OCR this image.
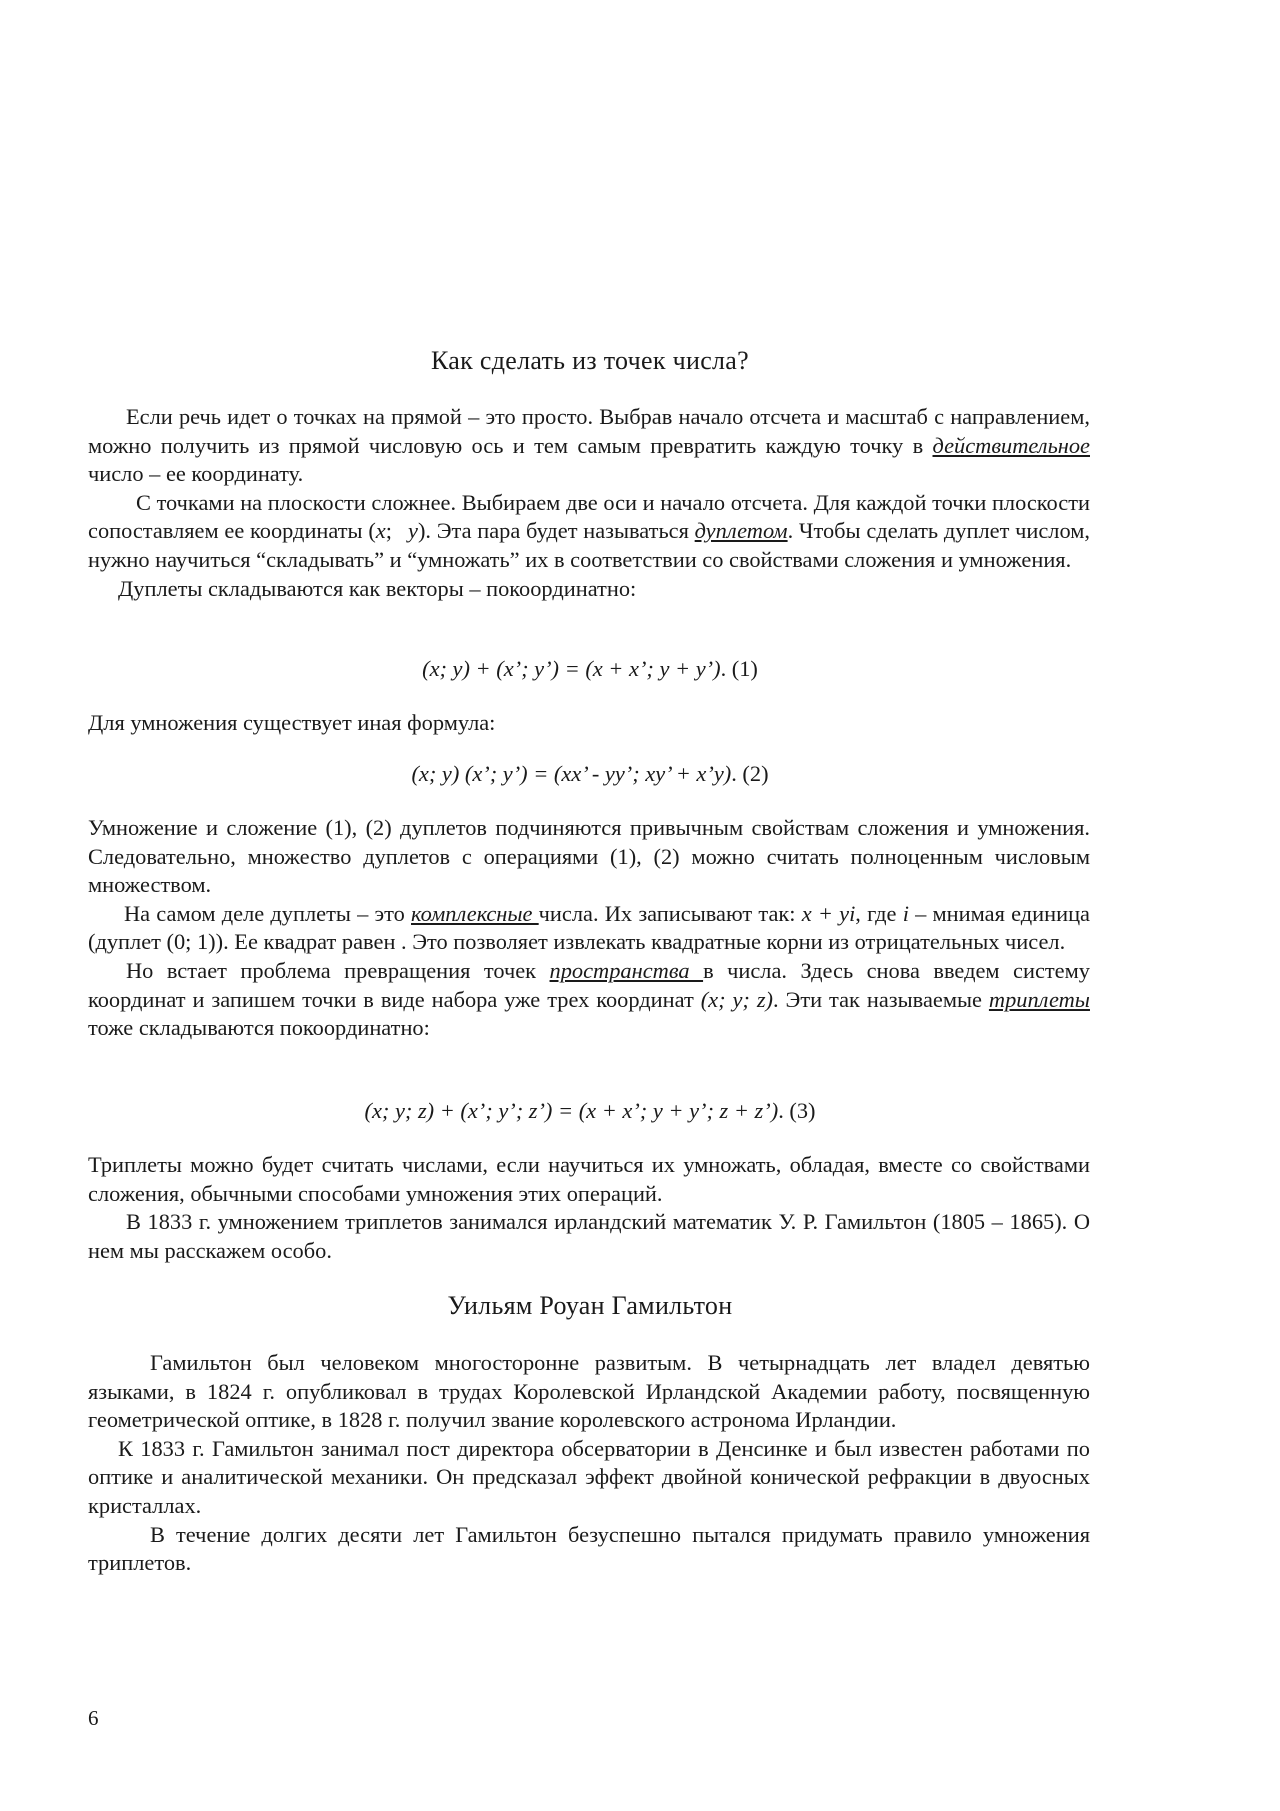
Как сделать из точек числа?

Если речь идет о точках на прямой – это просто. Выбрав начало отсчета и масштаб с направлением, можно получить из прямой числовую ось и тем самым превратить каждую точку в действительное число – ее координату.

С точками на плоскости сложнее. Выбираем две оси и начало отсчета. Для каждой точки плоскости сопоставляем ее координаты (x; y). Эта пара будет называться дуплетом. Чтобы сделать дуплет числом, нужно научиться “складывать” и “умножать” их в соответствии со свойствами сложения и умножения.

Дуплеты складываются как векторы – покоординатно:

(x; y) + (x’; y’) = (x + x’; y + y’). (1)

Для умножения существует иная формула:

(x; y) (x’; y’) = (xx’ - yy’; xy’ + x’y). (2)

Умножение и сложение (1), (2) дуплетов подчиняются привычным свойствам сложения и умножения. Следовательно, множество дуплетов с операциями (1), (2) можно считать полноценным числовым множеством.

На самом деле дуплеты – это комплексные числа. Их записывают так: x + yi, где i – мнимая единица (дуплет (0; 1)). Ее квадрат равен . Это позволяет извлекать квадратные корни из отрицательных чисел.

Но встает проблема превращения точек пространства в числа. Здесь снова введем систему координат и запишем точки в виде набора уже трех координат (x; y; z). Эти так называемые триплеты тоже складываются покоординатно:

(x; y; z) + (x’; y’; z’) = (x + x’; y + y’; z + z’). (3)

Триплеты можно будет считать числами, если научиться их умножать, обладая, вместе со свойствами сложения, обычными способами умножения этих операций.

В 1833 г. умножением триплетов занимался ирландский математик У. Р. Гамильтон (1805 – 1865). О нем мы расскажем особо.

Уильям Роуан Гамильтон

Гамильтон был человеком многосторонне развитым. В четырнадцать лет владел девятью языками, в 1824 г. опубликовал в трудах Королевской Ирландской Академии работу, посвященную геометрической оптике, в 1828 г. получил звание королевского астронома Ирландии.

К 1833 г. Гамильтон занимал пост директора обсерватории в Денсинке и был известен работами по оптике и аналитической механики. Он предсказал эффект двойной конической рефракции в двуосных кристаллах.

В течение долгих десяти лет Гамильтон безуспешно пытался придумать правило умножения триплетов.

6
